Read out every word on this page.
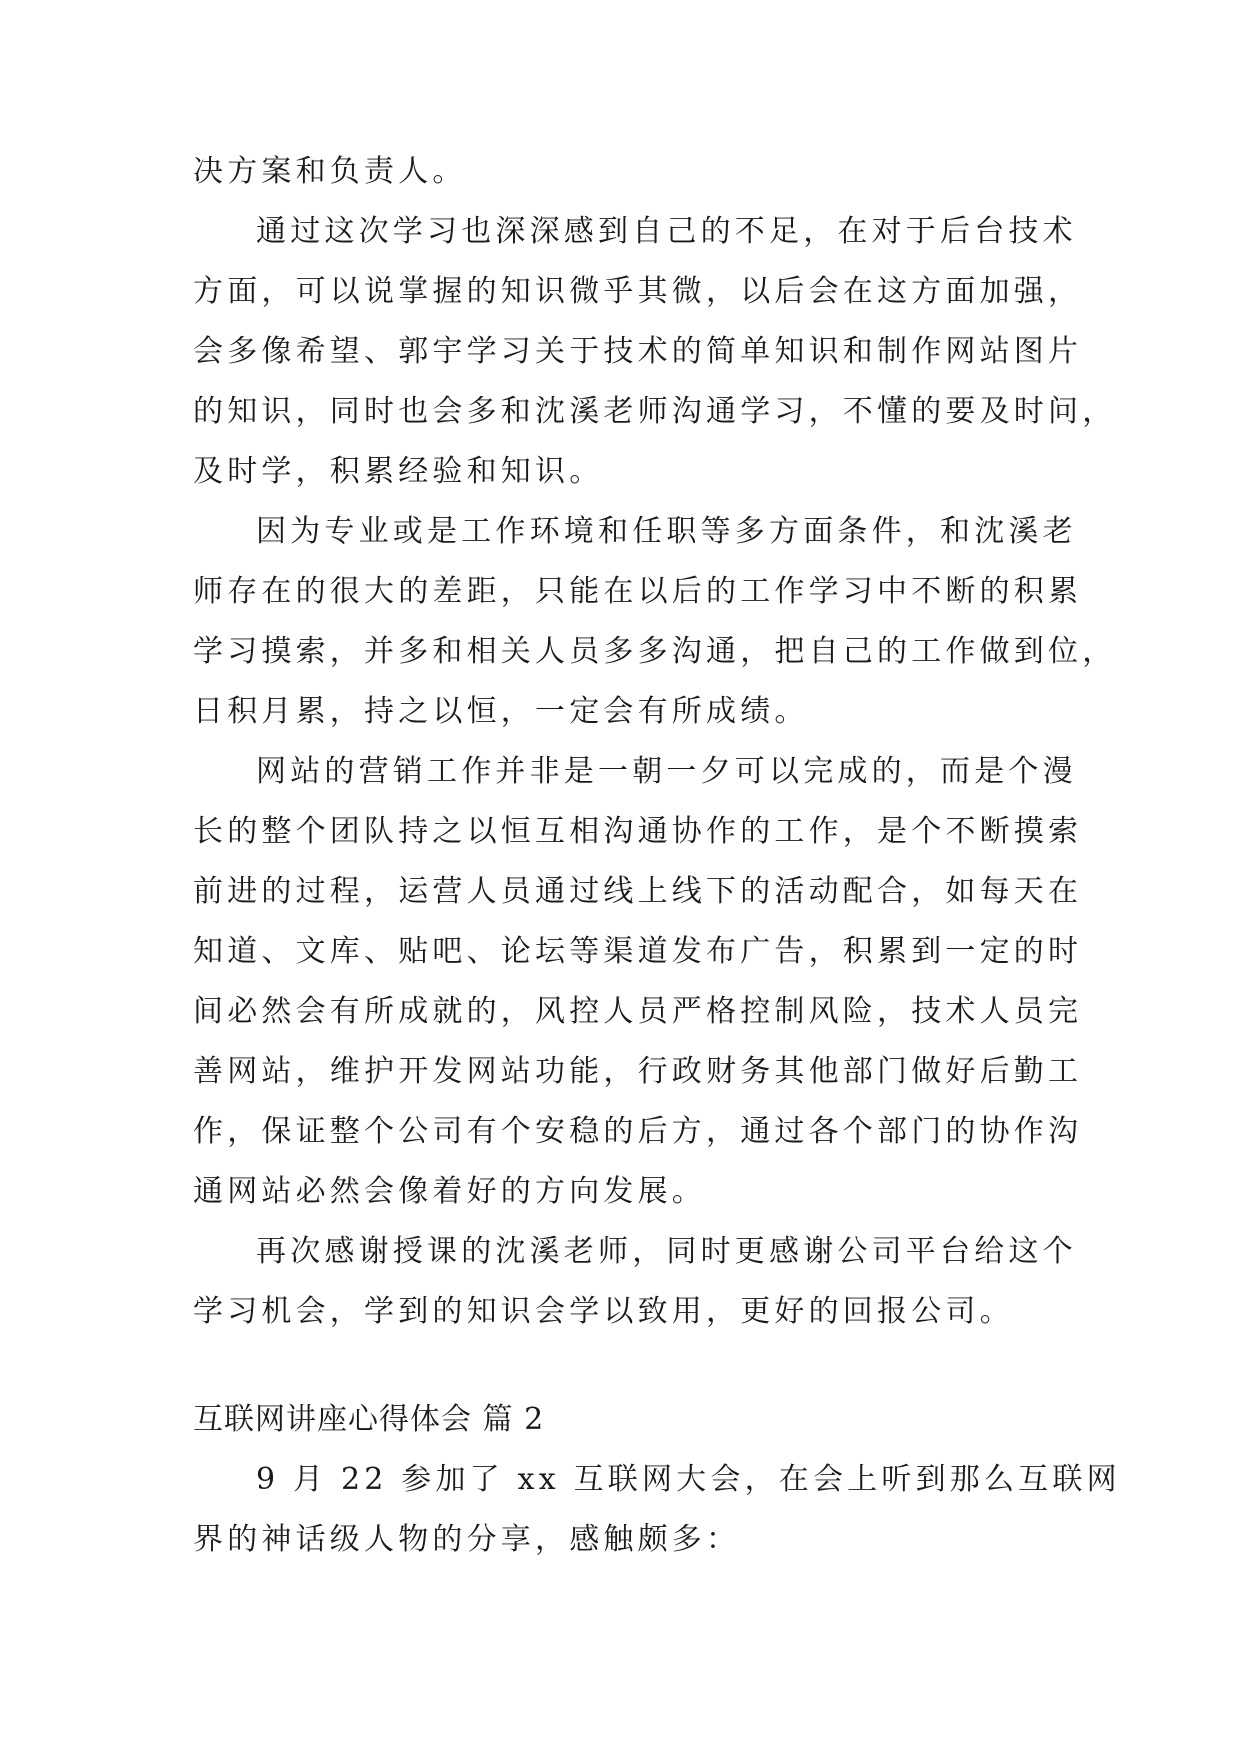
决方案和负责人。
通过这次学习也深深感到自己的不足，在对于后台技术
方面，可以说掌握的知识微乎其微，以后会在这方面加强，
会多像希望、郭宇学习关于技术的简单知识和制作网站图片
的知识，同时也会多和沈溪老师沟通学习，不懂的要及时问，
及时学，积累经验和知识。
因为专业或是工作环境和任职等多方面条件，和沈溪老
师存在的很大的差距，只能在以后的工作学习中不断的积累
学习摸索，并多和相关人员多多沟通，把自己的工作做到位，
日积月累，持之以恒，一定会有所成绩。
网站的营销工作并非是一朝一夕可以完成的，而是个漫
长的整个团队持之以恒互相沟通协作的工作，是个不断摸索
前进的过程，运营人员通过线上线下的活动配合，如每天在
知道、文库、贴吧、论坛等渠道发布广告，积累到一定的时
间必然会有所成就的，风控人员严格控制风险，技术人员完
善网站，维护开发网站功能，行政财务其他部门做好后勤工
作，保证整个公司有个安稳的后方，通过各个部门的协作沟
通网站必然会像着好的方向发展。
再次感谢授课的沈溪老师，同时更感谢公司平台给这个
学习机会，学到的知识会学以致用，更好的回报公司。
互联网讲座心得体会 篇 2
9 月 22 参加了 xx 互联网大会，在会上听到那么互联网
界的神话级人物的分享，感触颇多：
